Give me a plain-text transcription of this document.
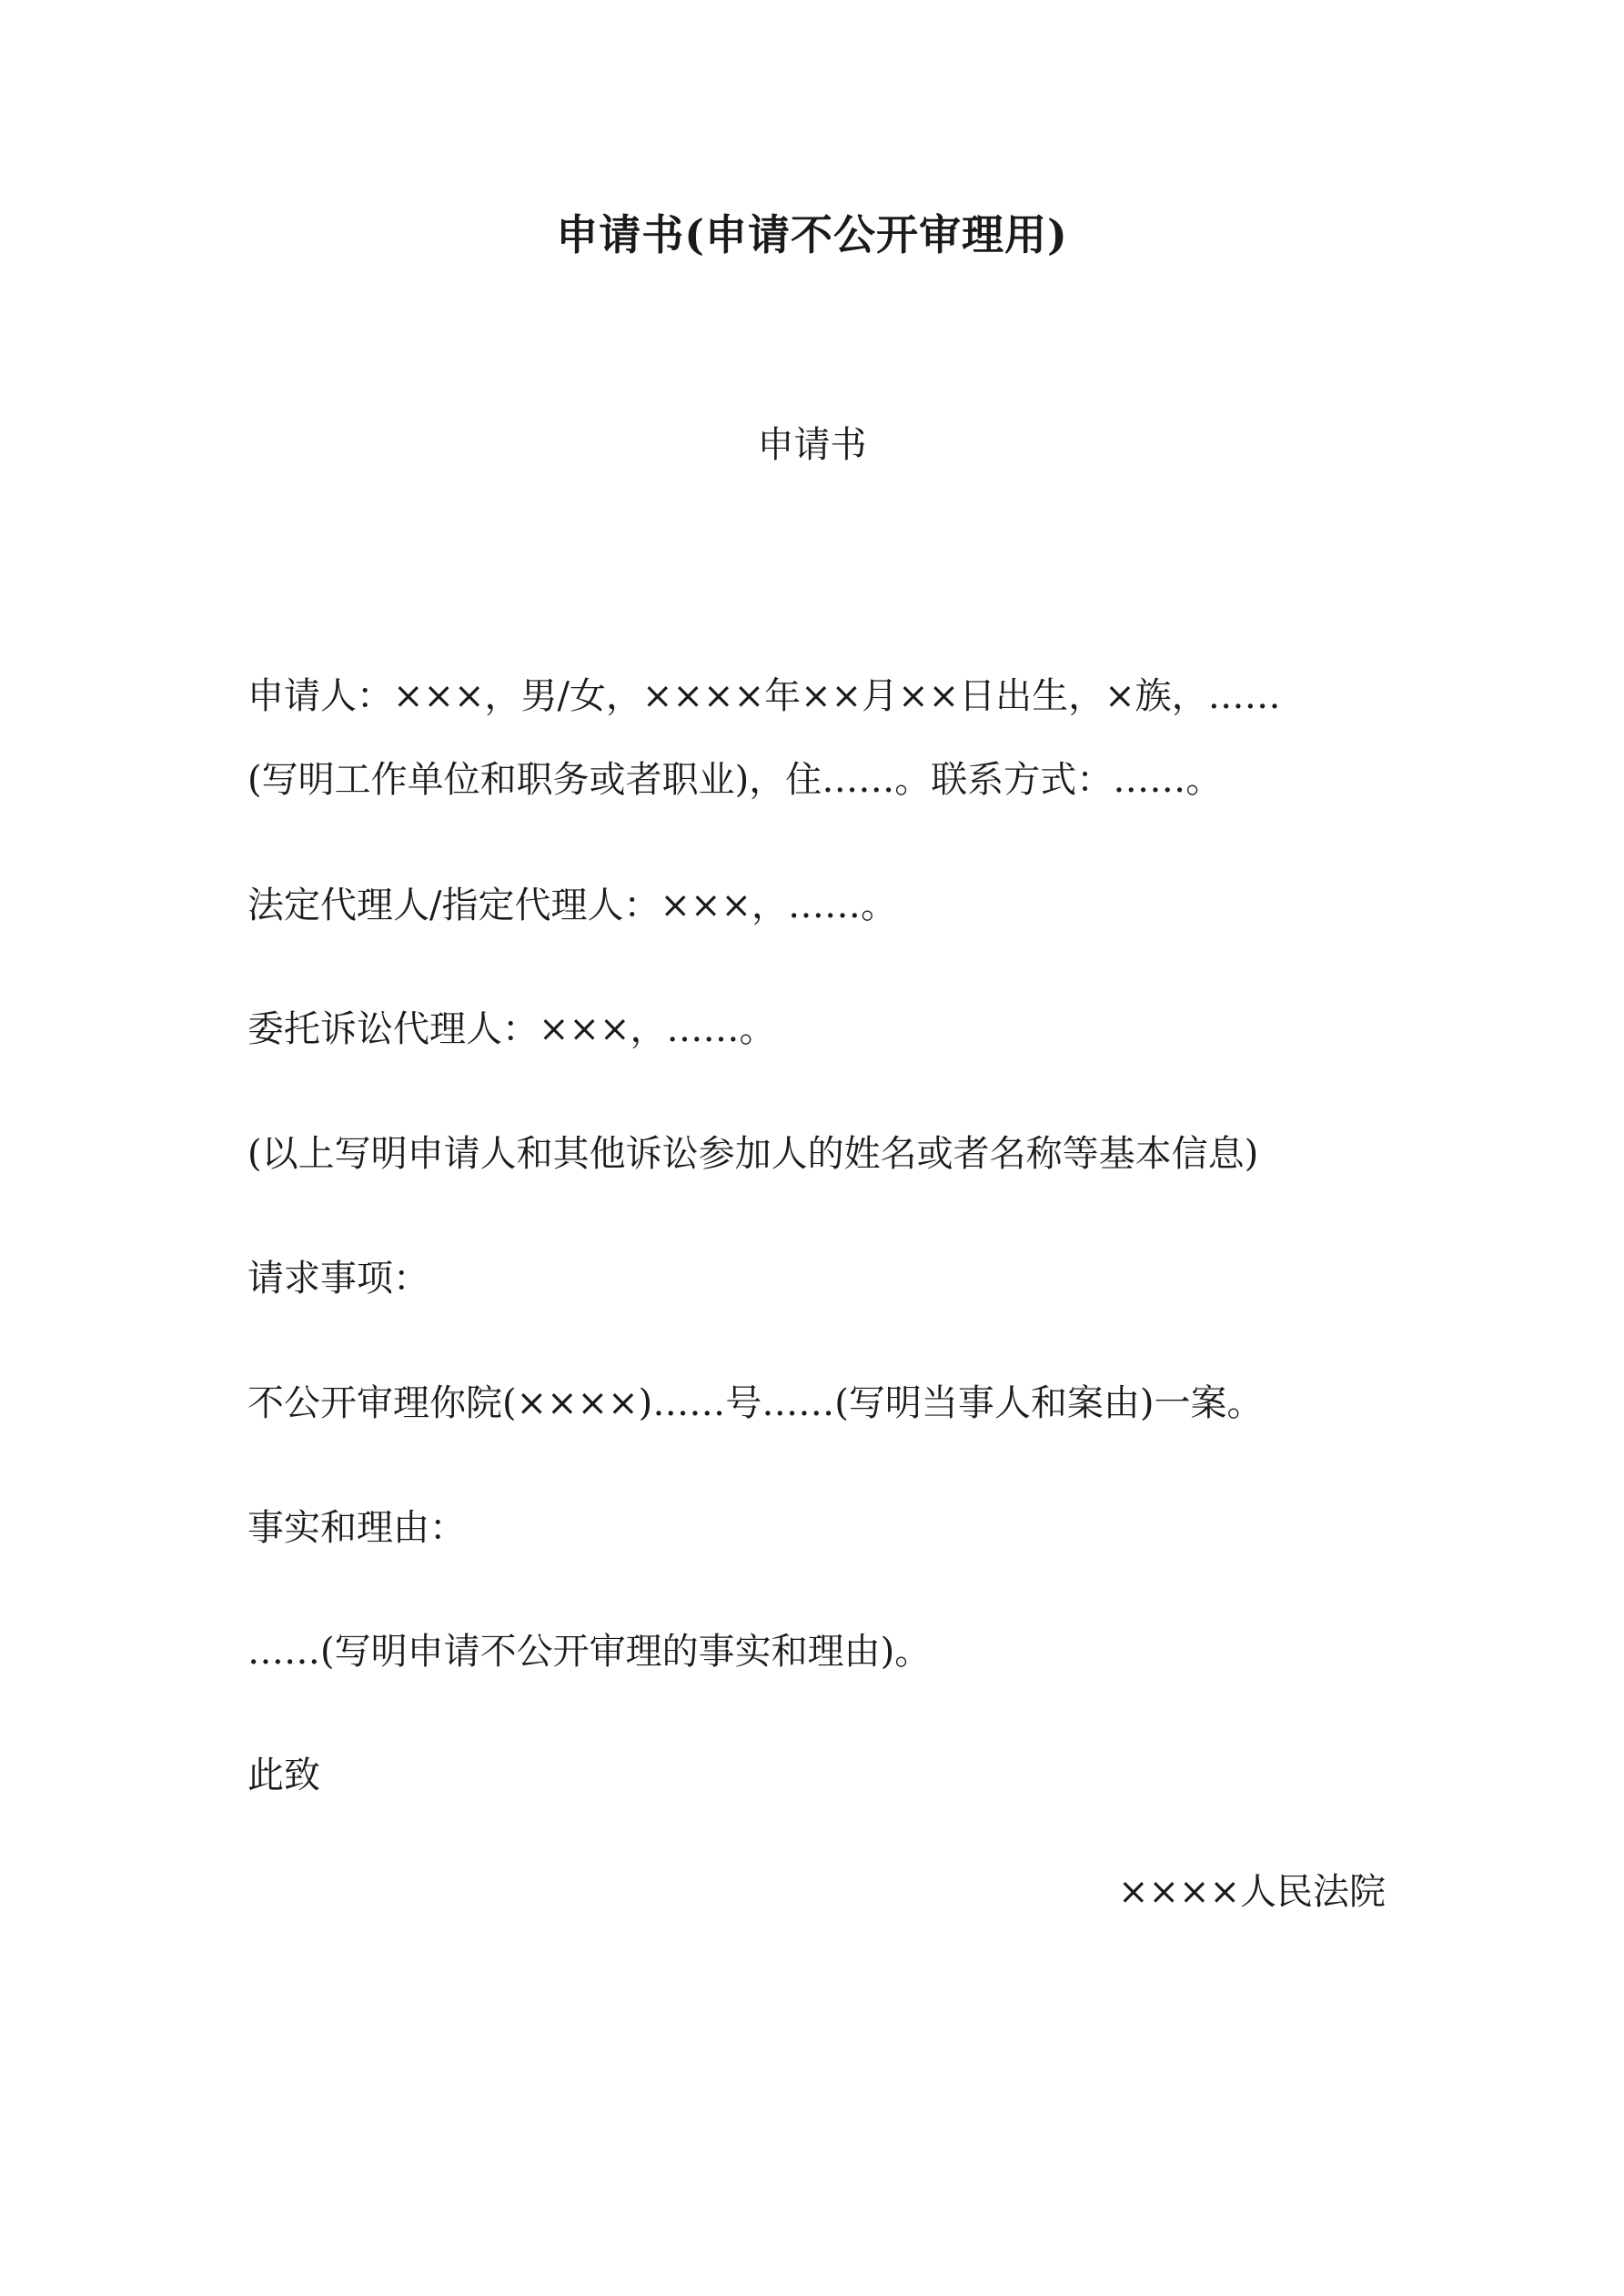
申请书(申请不公开审理用)

申请书

申请人：×××，男/女，××××年××月××日出生，×族，……

(写明工作单位和职务或者职业)，住……。联系方式：……。

法定代理人/指定代理人：×××，……。

委托诉讼代理人：×××，……。

(以上写明申请人和其他诉讼参加人的姓名或者名称等基本信息)

请求事项：

不公开审理你院(××××)……号……(写明当事人和案由)一案。

事实和理由：

……(写明申请不公开审理的事实和理由)。

此致

××××人民法院
